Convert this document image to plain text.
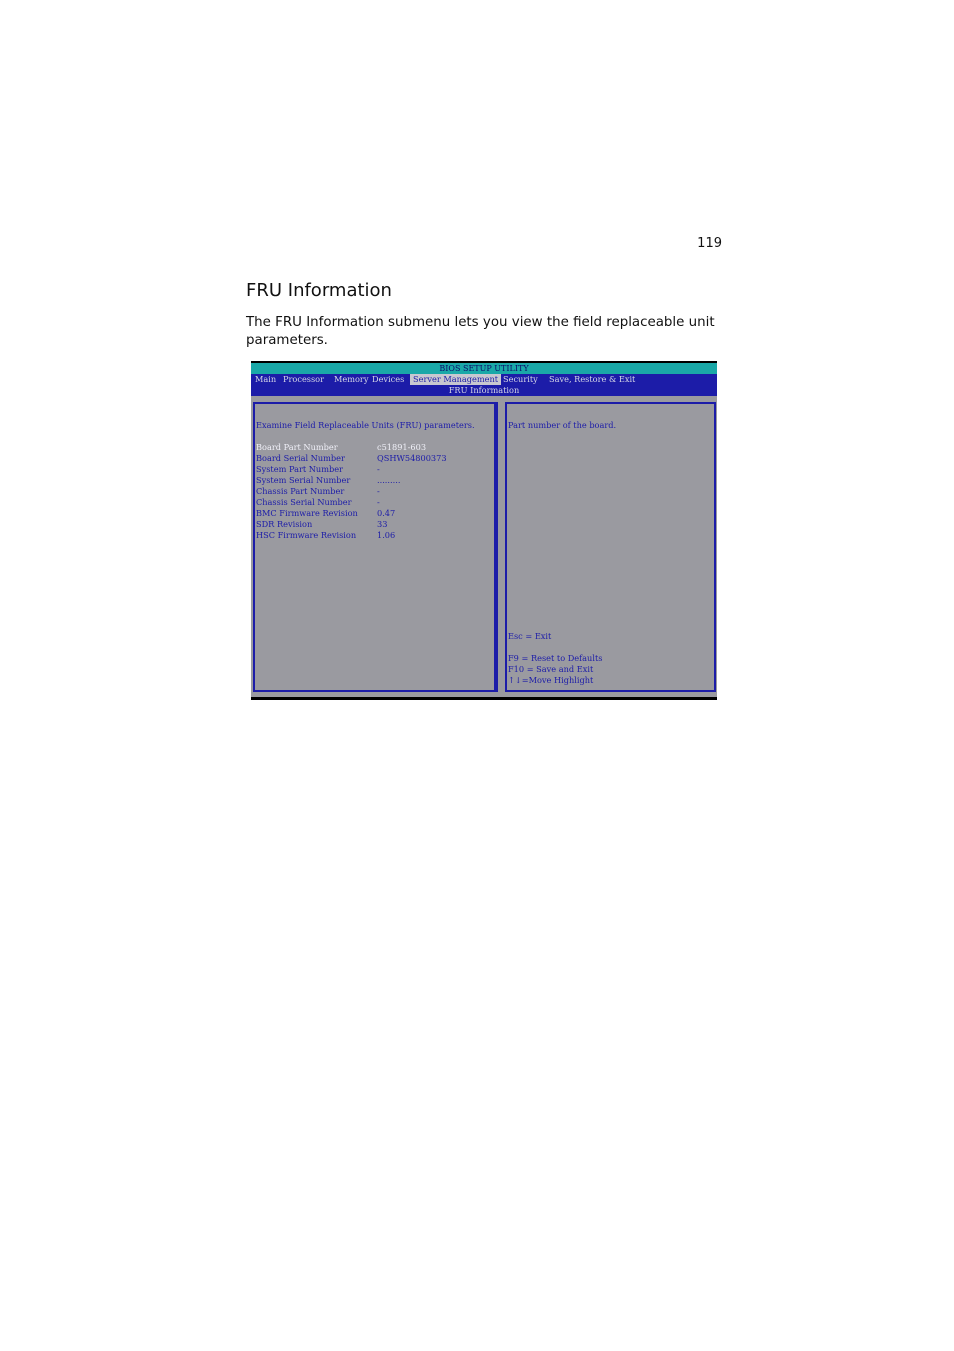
119
FRU Information

The FRU Information submenu lets you view the field replaceable unit parameters.

BIOS SETUP UTILITY
Main Processor Memory Devices	Server Management Security Save, Restore & Exit
FRU Information
Examine Field Replaceable Units (FRU) parameters.
Board Part Number	c51891-603
Board Serial Number	QSHW54800373
System Part Number	-
System Serial Number	.........
Chassis Part Number	-
Chassis Serial Number	-
BMC Firmware Revision 0.47
SDR Revision	33
HSC Firmware Revision	1.06
Part number of the board.
Esc = Exit
F9 = Reset to Defaults
F10 = Save and Exit
↑↓=Move Highlight
